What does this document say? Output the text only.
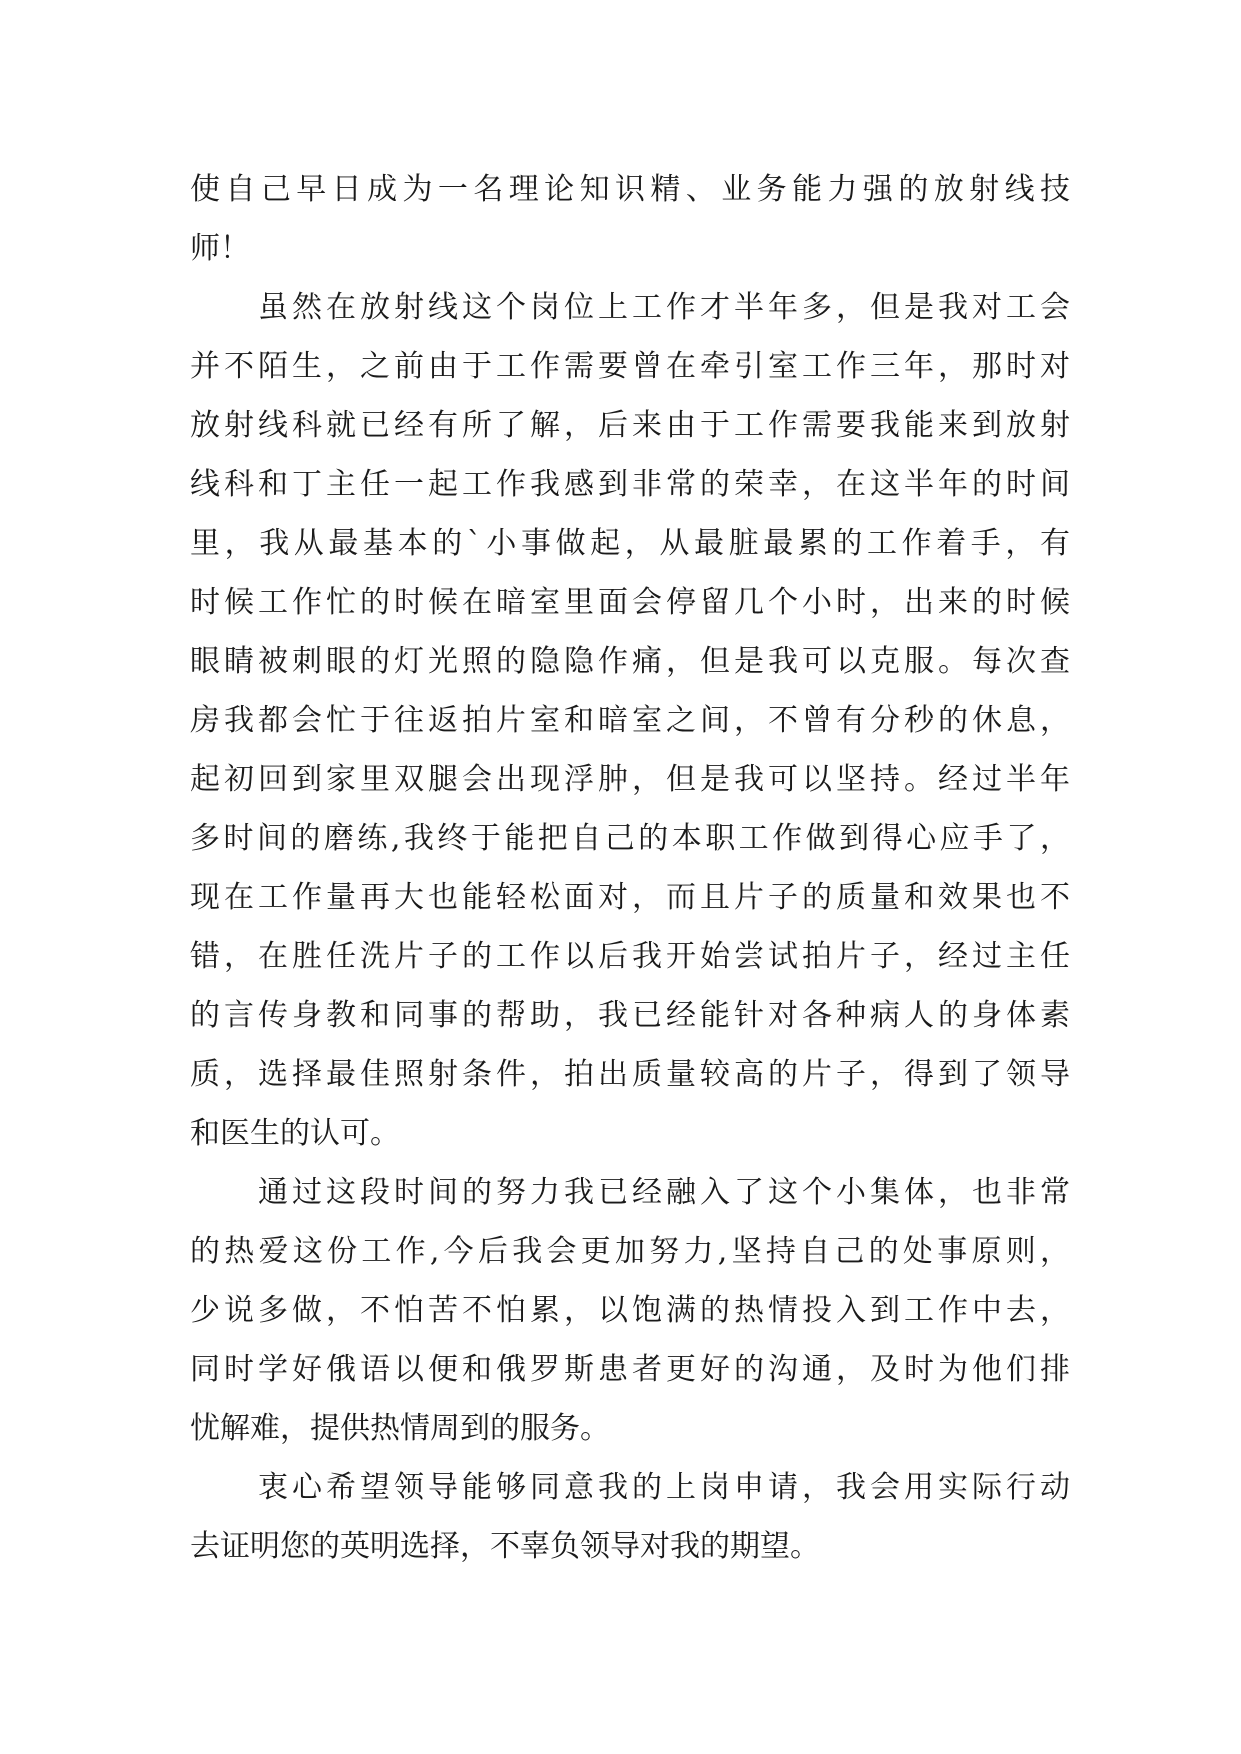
使自己早日成为一名理论知识精、业务能力强的放射线技
师！
虽然在放射线这个岗位上工作才半年多，但是我对工会
并不陌生，之前由于工作需要曾在牵引室工作三年，那时对
放射线科就已经有所了解，后来由于工作需要我能来到放射
线科和丁主任一起工作我感到非常的荣幸，在这半年的时间
里，我从最基本的`小事做起，从最脏最累的工作着手，有
时候工作忙的时候在暗室里面会停留几个小时，出来的时候
眼睛被刺眼的灯光照的隐隐作痛，但是我可以克服。每次查
房我都会忙于往返拍片室和暗室之间，不曾有分秒的休息，
起初回到家里双腿会出现浮肿，但是我可以坚持。经过半年
多时间的磨练,我终于能把自己的本职工作做到得心应手了，
现在工作量再大也能轻松面对，而且片子的质量和效果也不
错，在胜任洗片子的工作以后我开始尝试拍片子，经过主任
的言传身教和同事的帮助，我已经能针对各种病人的身体素
质，选择最佳照射条件，拍出质量较高的片子，得到了领导
和医生的认可。
通过这段时间的努力我已经融入了这个小集体，也非常
的热爱这份工作,今后我会更加努力,坚持自己的处事原则，
少说多做，不怕苦不怕累，以饱满的热情投入到工作中去，
同时学好俄语以便和俄罗斯患者更好的沟通，及时为他们排
忧解难，提供热情周到的服务。
衷心希望领导能够同意我的上岗申请，我会用实际行动
去证明您的英明选择，不辜负领导对我的期望。
